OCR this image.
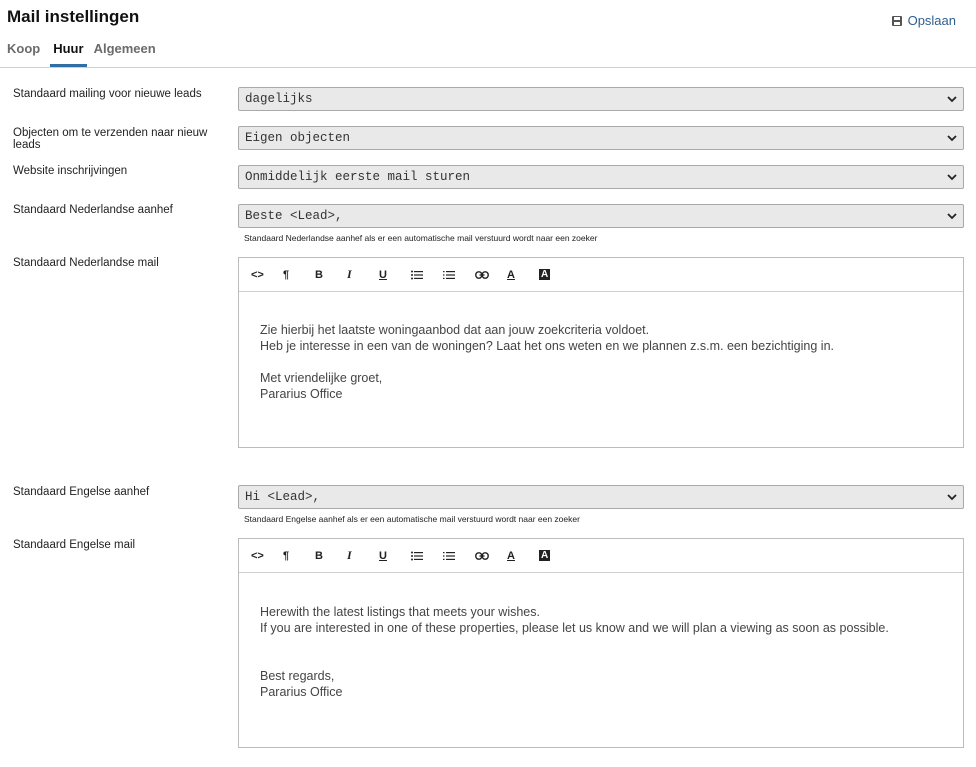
Mail instellingen	Opslaan
Koop	Huur Algemeen
Standaard mailing voor nieuwe leads	dagelijks
Objecten om te verzenden naar nieuw leads	Eigen objecten
Website inschrijvingen	Onmiddelijk eerste mail sturen
Standaard Nederlandse aanhef	Beste <Lead>,
Standaard Nederlandse aanhef als er een automatische mail verstuurd wordt naar een zoeker
Standaard Nederlandse mail
<>	¶	B	I	U	A	A

Zie hierbij het laatste woningaanbod dat aan jouw zoekcriteria voldoet.

Heb je interesse in een van de woningen? Laat het ons weten en we plannen z.s.m. een bezichtiging in.

Met vriendelijke groet,

Pararius Office

Standaard Engelse aanhef	Hi <Lead>,
Standaard Engelse aanhef als er een automatische mail verstuurd wordt naar een zoeker
Standaard Engelse mail
<>	¶	B	I	U	A	A

Herewith the latest listings that meets your wishes.

If you are interested in one of these properties, please let us know and we will plan a viewing as soon as possible.

Best regards,

Pararius Office
